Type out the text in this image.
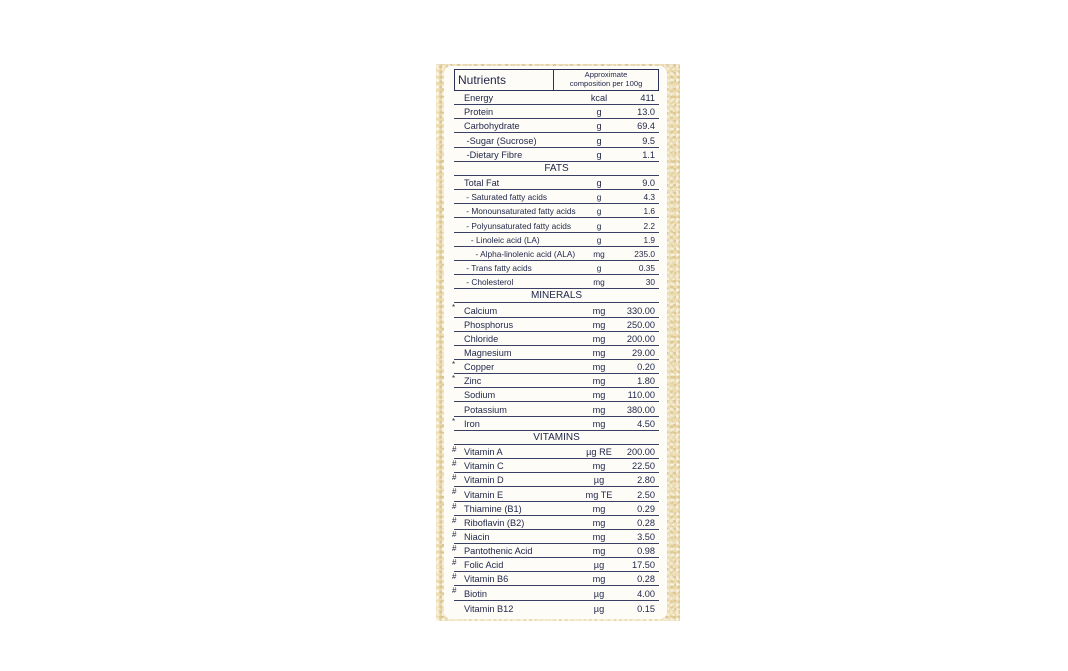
Nutrients	Approximate
composition per 100g
Energy	kcal	411
Protein	g	13.0
Carbohydrate	g	69.4
-Sugar (Sucrose)	g	9.5
-Dietary Fibre	g	1.1
FATS
Total Fat	g	9.0
- Saturated fatty acids	g	4.3
- Monounsaturated fatty acids	g	1.6
- Polyunsaturated fatty acids	g	2.2
- Linoleic acid (LA)	g	1.9
- Alpha-linolenic acid (ALA)	mg	235.0
- Trans fatty acids	g	0.35
- Cholesterol	mg	30
MINERALS
* Calcium	mg	330.00
Phosphorus	mg	250.00
Chloride	mg	200.00
Magnesium	mg	29.00
* Copper	mg	0.20
* Zinc	mg	1.80
Sodium	mg	110.00
Potassium	mg	380.00
* Iron	mg	4.50
VITAMINS
# Vitamin A	µg RE	200.00
# Vitamin C	mg	22.50
# Vitamin D	µg	2.80
# Vitamin E	mg TE	2.50
# Thiamine (B1)	mg	0.29
# Riboflavin (B2)	mg	0.28
# Niacin	mg	3.50
# Pantothenic Acid	mg	0.98
# Folic Acid	µg	17.50
# Vitamin B6	mg	0.28
# Biotin	µg	4.00
Vitamin B12	µg	0.15
